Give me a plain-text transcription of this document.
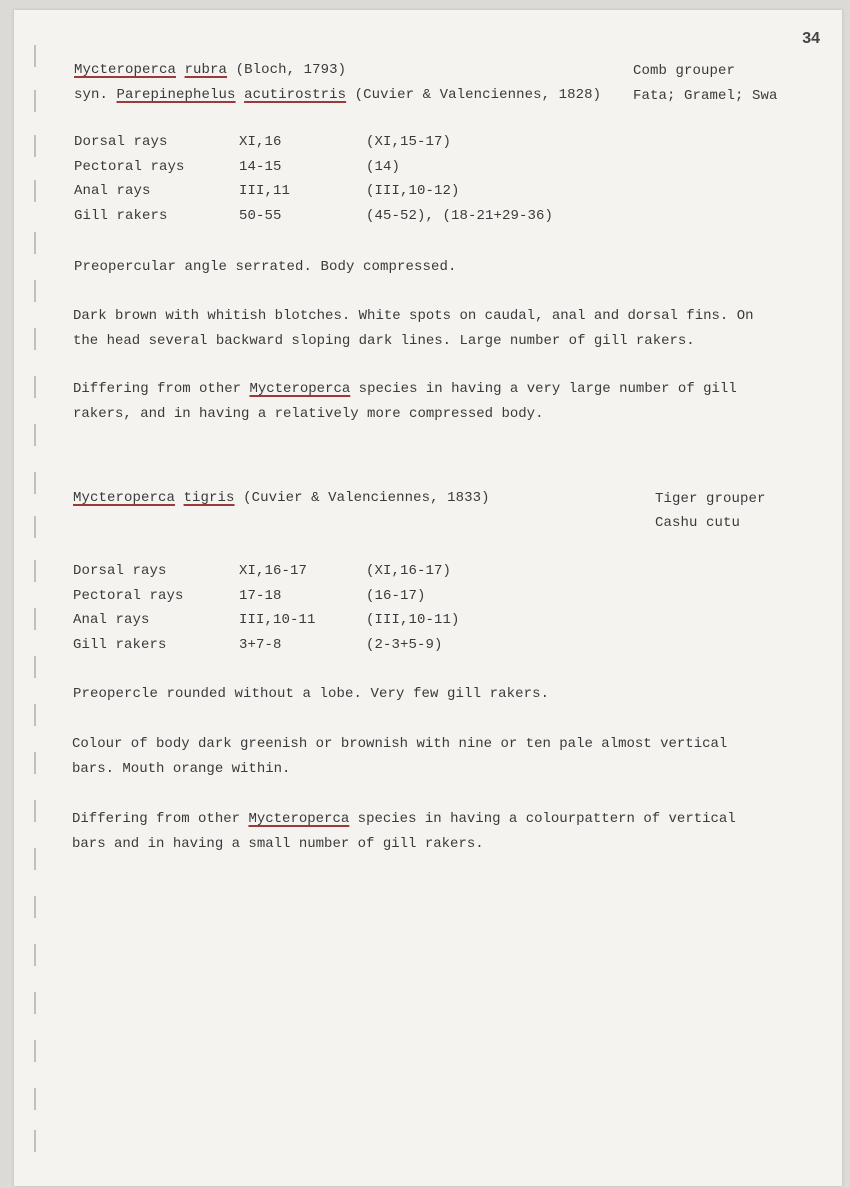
34
Mycteroperca rubra (Bloch, 1793)
syn. Parepinephelus acutirostris (Cuvier & Valenciennes, 1828)
Comb grouper
Fata; Gramel; Swa
Dorsal rays	XI,16	(XI,15-17)
Pectoral rays	14-15	(14)
Anal rays	III,11	(III,10-12)
Gill rakers	50-55	(45-52), (18-21+29-36)
Preopercular angle serrated. Body compressed.
Dark brown with whitish blotches. White spots on caudal, anal and dorsal fins. On
the head several backward sloping dark lines. Large number of gill rakers.
Differing from other Mycteroperca species in having a very large number of gill
rakers, and in having a relatively more compressed body.
Mycteroperca tigris (Cuvier & Valenciennes, 1833)	Tiger grouper
Cashu cutu
Dorsal rays	XI,16-17	(XI,16-17)
Pectoral rays	17-18	(16-17)
Anal rays	III,10-11	(III,10-11)
Gill rakers	3+7-8	(2-3+5-9)
Preopercle rounded without a lobe. Very few gill rakers.
Colour of body dark greenish or brownish with nine or ten pale almost vertical
bars. Mouth orange within.
Differing from other Mycteroperca species in having a colourpattern of vertical
bars and in having a small number of gill rakers.
